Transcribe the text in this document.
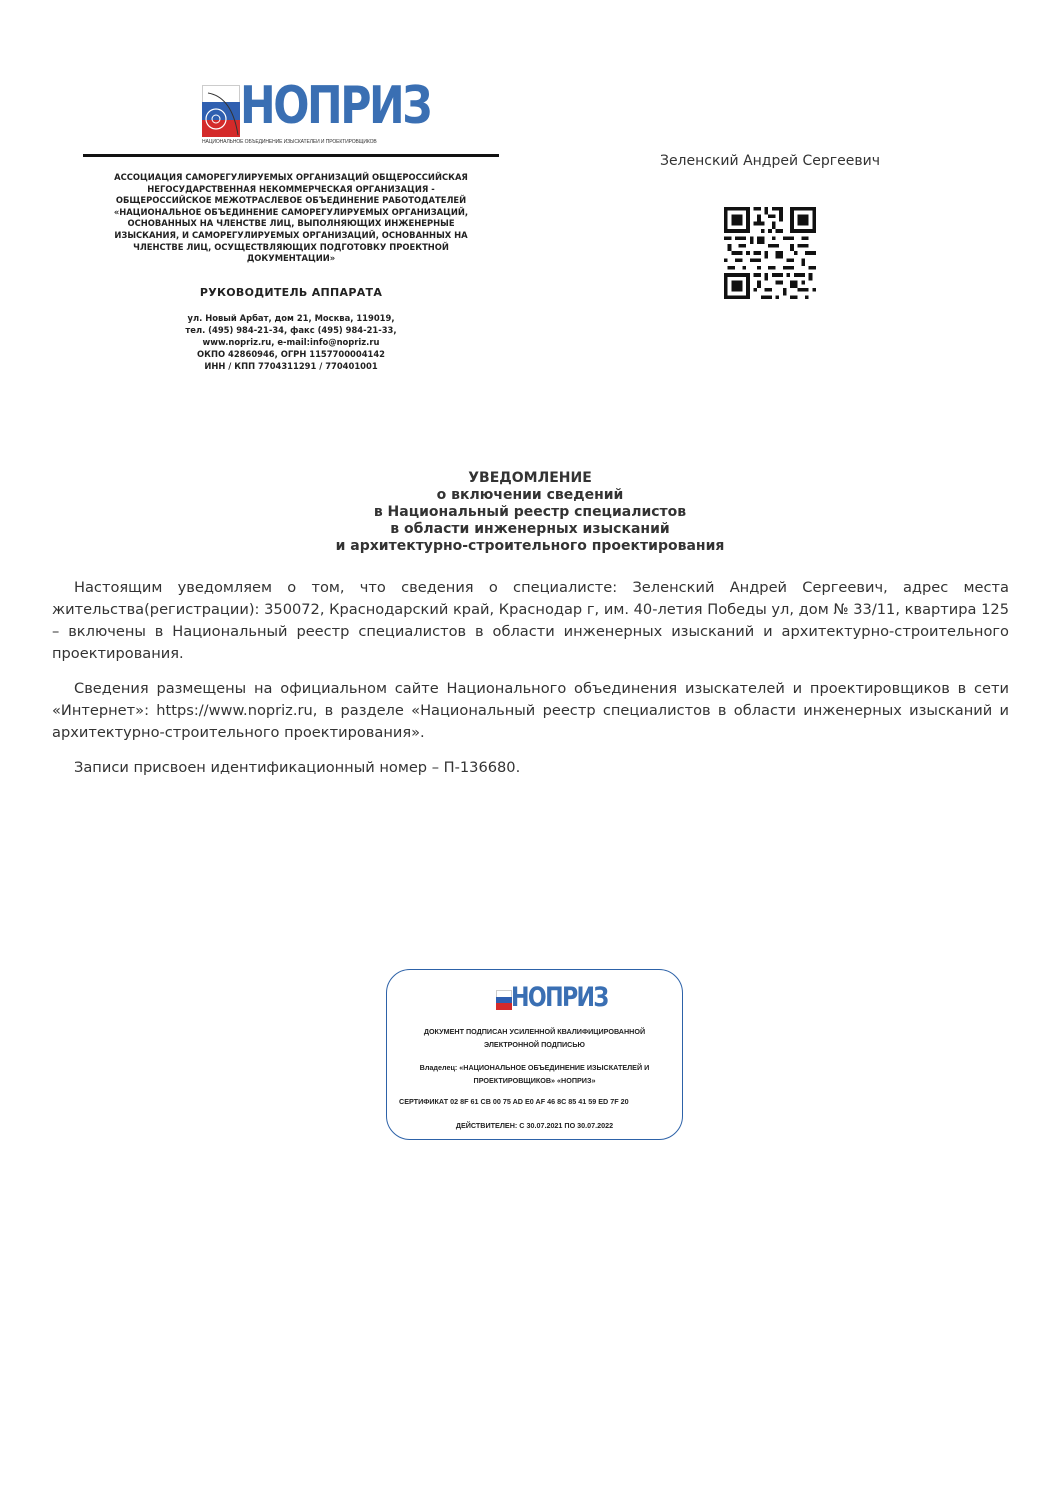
НОПРИЗ
НАЦИОНАЛЬНОЕ ОБЪЕДИНЕНИЕ ИЗЫСКАТЕЛЕЙ И ПРОЕКТИРОВЩИКОВ
АССОЦИАЦИЯ САМОРЕГУЛИРУЕМЫХ ОРГАНИЗАЦИЙ ОБЩЕРОССИЙСКАЯ
НЕГОСУДАРСТВЕННАЯ НЕКОММЕРЧЕСКАЯ ОРГАНИЗАЦИЯ -
ОБЩЕРОССИЙСКОЕ МЕЖОТРАСЛЕВОЕ ОБЪЕДИНЕНИЕ РАБОТОДАТЕЛЕЙ
«НАЦИОНАЛЬНОЕ ОБЪЕДИНЕНИЕ САМОРЕГУЛИРУЕМЫХ ОРГАНИЗАЦИЙ,
ОСНОВАННЫХ НА ЧЛЕНСТВЕ ЛИЦ, ВЫПОЛНЯЮЩИХ ИНЖЕНЕРНЫЕ
ИЗЫСКАНИЯ, И САМОРЕГУЛИРУЕМЫХ ОРГАНИЗАЦИЙ, ОСНОВАННЫХ НА
ЧЛЕНСТВЕ ЛИЦ, ОСУЩЕСТВЛЯЮЩИХ ПОДГОТОВКУ ПРОЕКТНОЙ
ДОКУМЕНТАЦИИ»
РУКОВОДИТЕЛЬ АППАРАТА
ул. Новый Арбат, дом 21, Москва, 119019,
тел. (495) 984-21-34, факс (495) 984-21-33,
www.nopriz.ru, e-mail:info@nopriz.ru
ОКПО 42860946, ОГРН 1157700004142
ИНН / КПП 7704311291 / 770401001
Зеленский Андрей Сергеевич
УВЕДОМЛЕНИЕ
о включении сведений
в Национальный реестр специалистов
в области инженерных изысканий
и архитектурно-строительного проектирования
Настоящим уведомляем о том, что сведения о специалисте: Зеленский Андрей Сергеевич, адрес места жительства(регистрации): 350072, Краснодарский край, Краснодар г, им. 40-летия Победы ул, дом № 33/11, квартира 125 – включены в Национальный реестр специалистов в области инженерных изысканий и архитектурно-строительного проектирования.
Сведения размещены на официальном сайте Национального объединения изыскателей и проектировщиков в сети «Интернет»: https://www.nopriz.ru, в разделе «Национальный реестр специалистов в области инженерных изысканий и архитектурно-строительного проектирования».
Записи присвоен идентификационный номер – П-136680.
НОПРИЗ
ДОКУМЕНТ ПОДПИСАН УСИЛЕННОЙ КВАЛИФИЦИРОВАННОЙ
ЭЛЕКТРОННОЙ ПОДПИСЬЮ
Владелец: «НАЦИОНАЛЬНОЕ ОБЪЕДИНЕНИЕ ИЗЫСКАТЕЛЕЙ И
ПРОЕКТИРОВЩИКОВ» «НОПРИЗ»
СЕРТИФИКАТ 02 8F 61 CB 00 75 AD E0 AF 46 8C 85 41 59 ED 7F 20
ДЕЙСТВИТЕЛЕН: С 30.07.2021 ПО 30.07.2022
